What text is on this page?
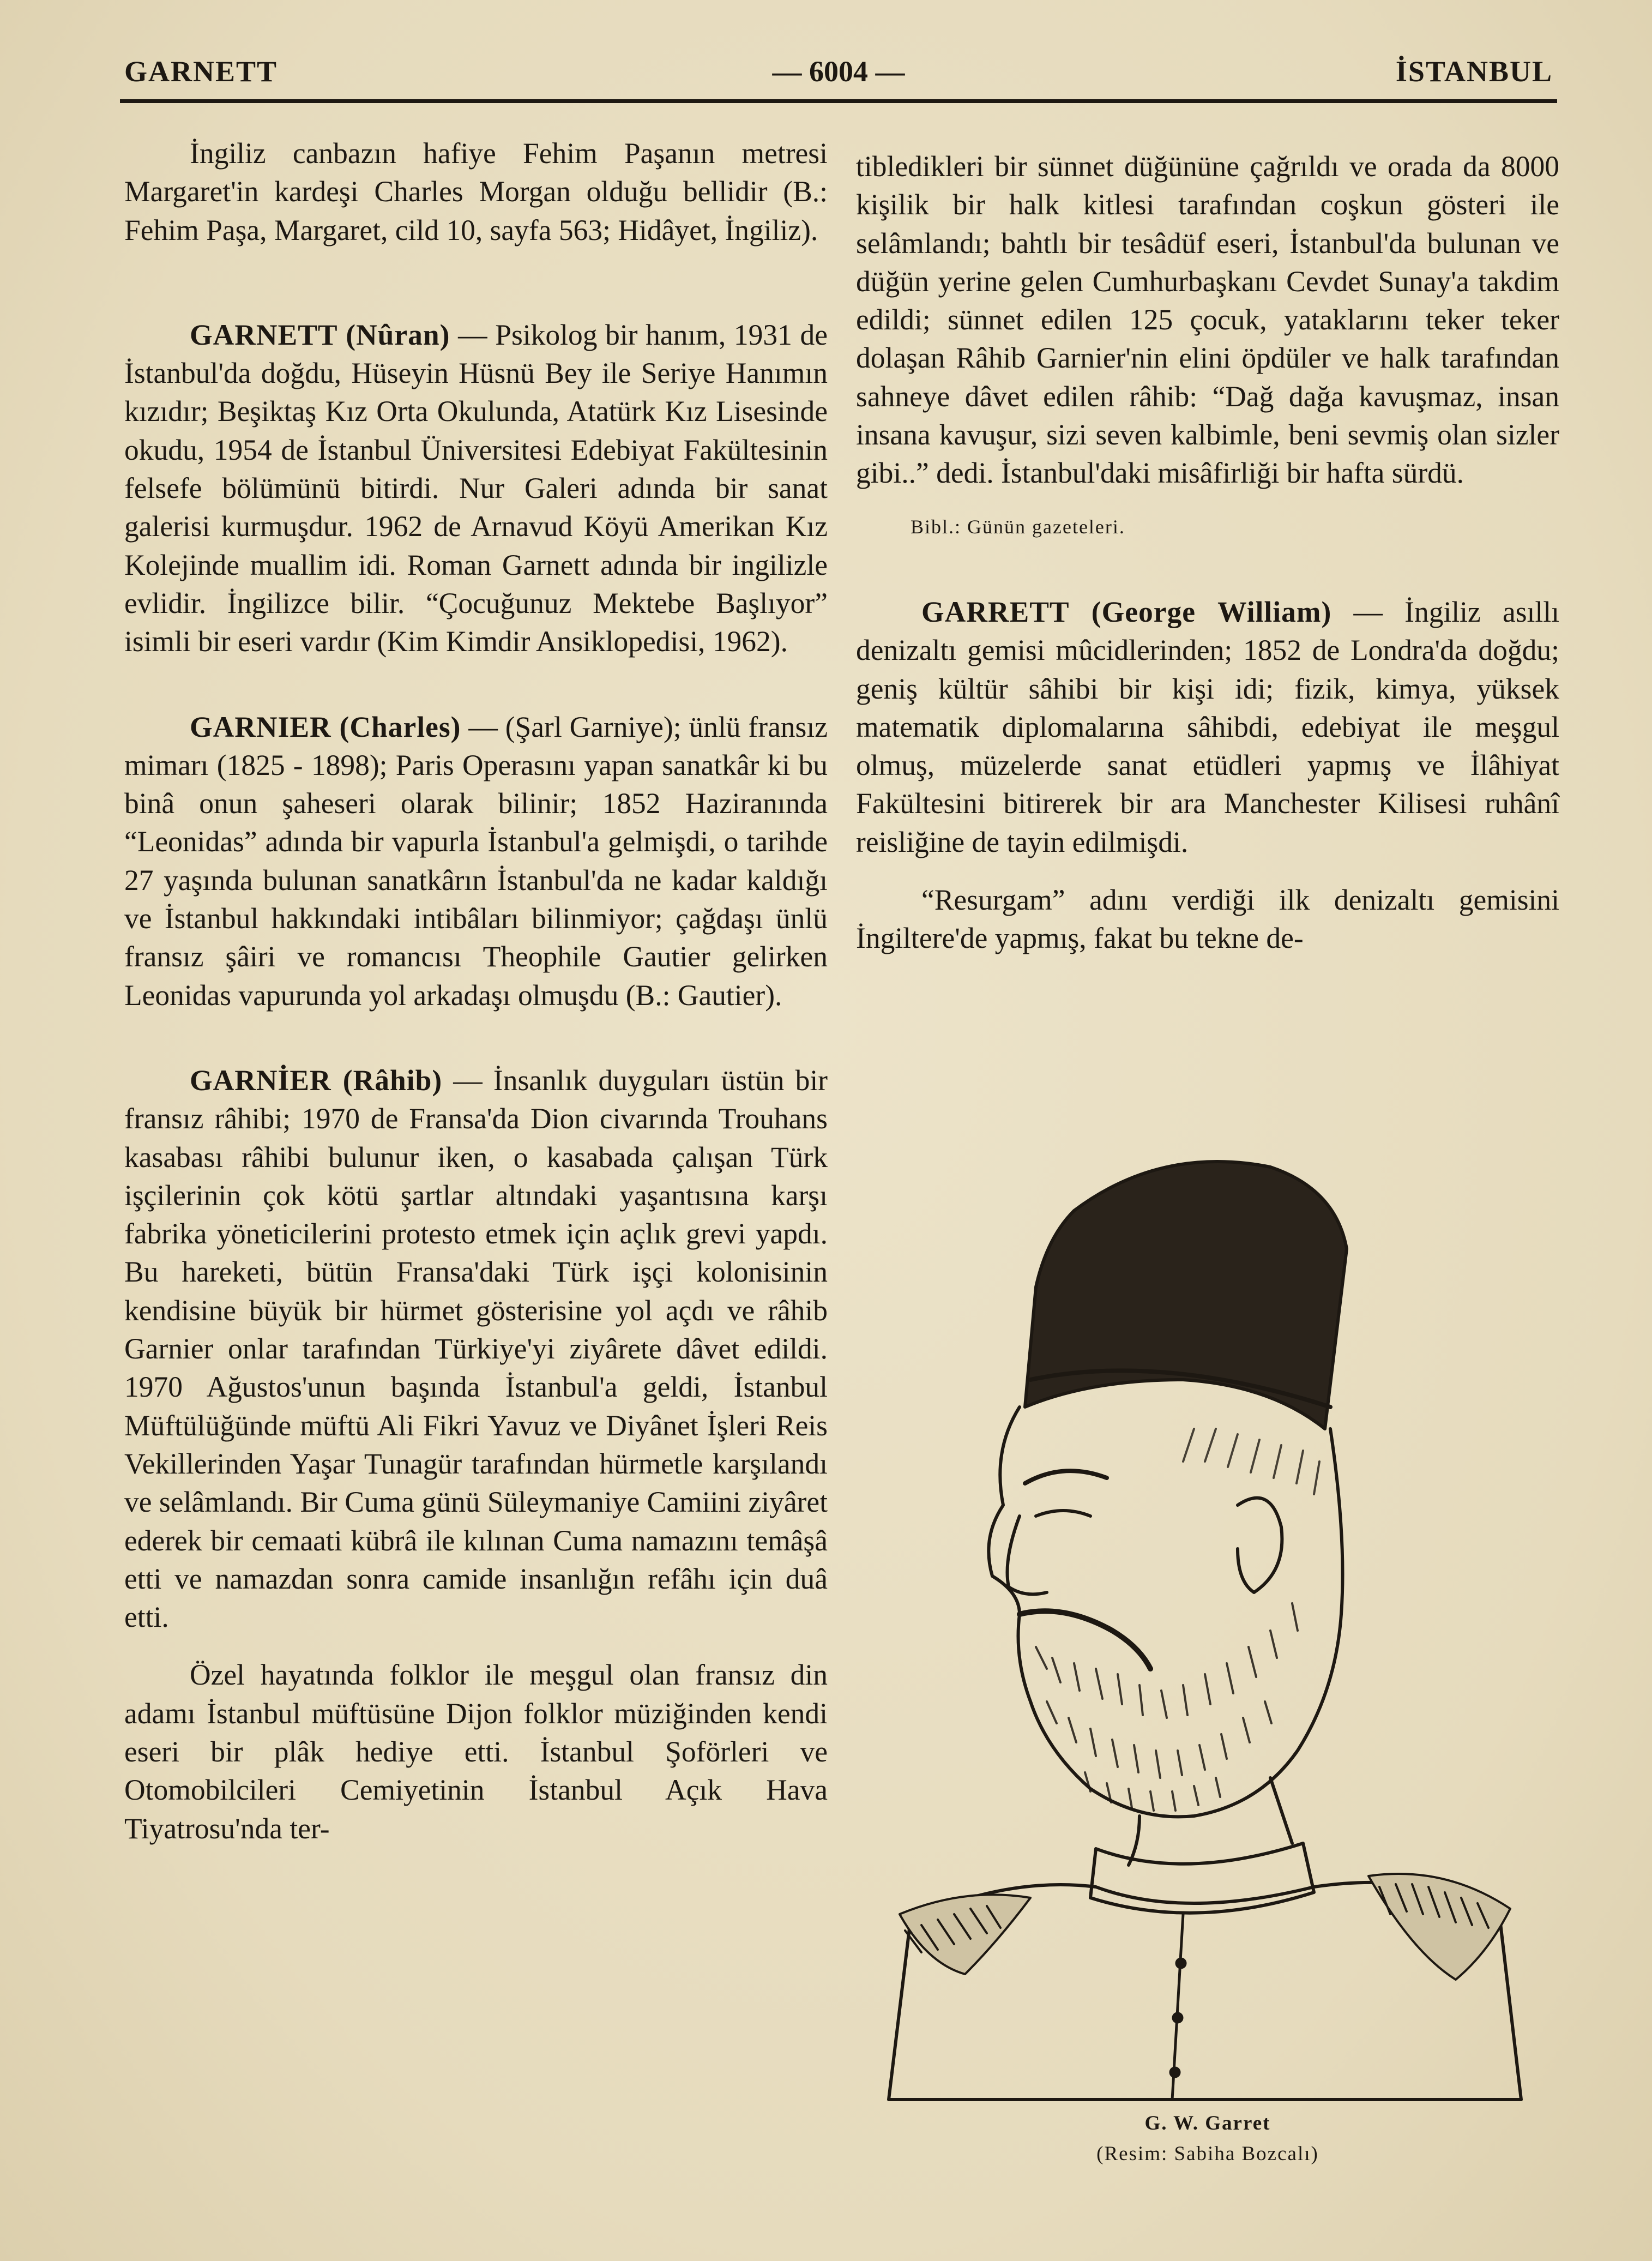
GARNETT	— 6004 —	İSTANBUL

İngiliz canbazın hafiye Fehim Paşanın metresi Margaret'in kardeşi Charles Morgan olduğu bellidir (B.: Fehim Paşa, Margaret, cild 10, sayfa 563; Hidâyet, İngiliz).

GARNETT (Nûran) — Psikolog bir hanım, 1931 de İstanbul'da doğdu, Hüseyin Hüsnü Bey ile Seriye Hanımın kızıdır; Beşiktaş Kız Orta Okulunda, Atatürk Kız Lisesinde okudu, 1954 de İstanbul Üniversitesi Edebiyat Fakültesinin felsefe bölümünü bitirdi. Nur Galeri adında bir sanat galerisi kurmuşdur. 1962 de Arnavud Köyü Amerikan Kız Kolejinde muallim idi. Roman Garnett adında bir ingilizle evlidir. İngilizce bilir. “Çocuğunuz Mektebe Başlıyor” isimli bir eseri vardır (Kim Kimdir Ansiklopedisi, 1962).

GARNIER (Charles) — (Şarl Garniye); ünlü fransız mimarı (1825 - 1898); Paris Operasını yapan sanatkâr ki bu binâ onun şaheseri olarak bilinir; 1852 Haziranında “Leonidas” adında bir vapurla İstanbul'a gelmişdi, o tarihde 27 yaşında bulunan sanatkârın İstanbul'da ne kadar kaldığı ve İstanbul hakkındaki intibâları bilinmiyor; çağdaşı ünlü fransız şâiri ve romancısı Theophile Gautier gelirken Leonidas vapurunda yol arkadaşı olmuşdu (B.: Gautier).

GARNİER (Râhib) — İnsanlık duyguları üstün bir fransız râhibi; 1970 de Fransa'da Dion civarında Trouhans kasabası râhibi bulunur iken, o kasabada çalışan Türk işçilerinin çok kötü şartlar altındaki yaşantısına karşı fabrika yöneticilerini protesto etmek için açlık grevi yapdı. Bu hareketi, bütün Fransa'daki Türk işçi kolonisinin kendisine büyük bir hürmet gösterisine yol açdı ve râhib Garnier onlar tarafından Türkiye'yi ziyârete dâvet edildi. 1970 Ağustos'unun başında İstanbul'a geldi, İstanbul Müftülüğünde müftü Ali Fikri Yavuz ve Diyânet İşleri Reis Vekillerinden Yaşar Tunagür tarafından hürmetle karşılandı ve selâmlandı. Bir Cuma günü Süleymaniye Camiini ziyâret ederek bir cemaati kübrâ ile kılınan Cuma namazını temâşâ etti ve namazdan sonra camide insanlığın refâhı için duâ etti.

Özel hayatında folklor ile meşgul olan fransız din adamı İstanbul müftüsüne Dijon folklor müziğinden kendi eseri bir plâk hediye etti. İstanbul Şoförleri ve Otomobilcileri Cemiyetinin İstanbul Açık Hava Tiyatrosu'nda ter-

tibledikleri bir sünnet düğününe çağrıldı ve orada da 8000 kişilik bir halk kitlesi tarafından coşkun gösteri ile selâmlandı; bahtlı bir tesâdüf eseri, İstanbul'da bulunan ve düğün yerine gelen Cumhurbaşkanı Cevdet Sunay'a takdim edildi; sünnet edilen 125 çocuk, yataklarını teker teker dolaşan Râhib Garnier'nin elini öpdüler ve halk tarafından sahneye dâvet edilen râhib: “Dağ dağa kavuşmaz, insan insana kavuşur, sizi seven kalbimle, beni sevmiş olan sizler gibi..” dedi. İstanbul'daki misâfirliği bir hafta sürdü.

Bibl.: Günün gazeteleri.

GARRETT (George William) — İngiliz asıllı denizaltı gemisi mûcidlerinden; 1852 de Londra'da doğdu; geniş kültür sâhibi bir kişi idi; fizik, kimya, yüksek matematik diplomalarına sâhibdi, edebiyat ile meşgul olmuş, müzelerde sanat etüdleri yapmış ve İlâhiyat Fakültesini bitirerek bir ara Manchester Kilisesi ruhânî reisliğine de tayin edilmişdi.

“Resurgam” adını verdiği ilk denizaltı gemisini İngiltere'de yapmış, fakat bu tekne de-

G. W. Garret
(Resim: Sabiha Bozcalı)
